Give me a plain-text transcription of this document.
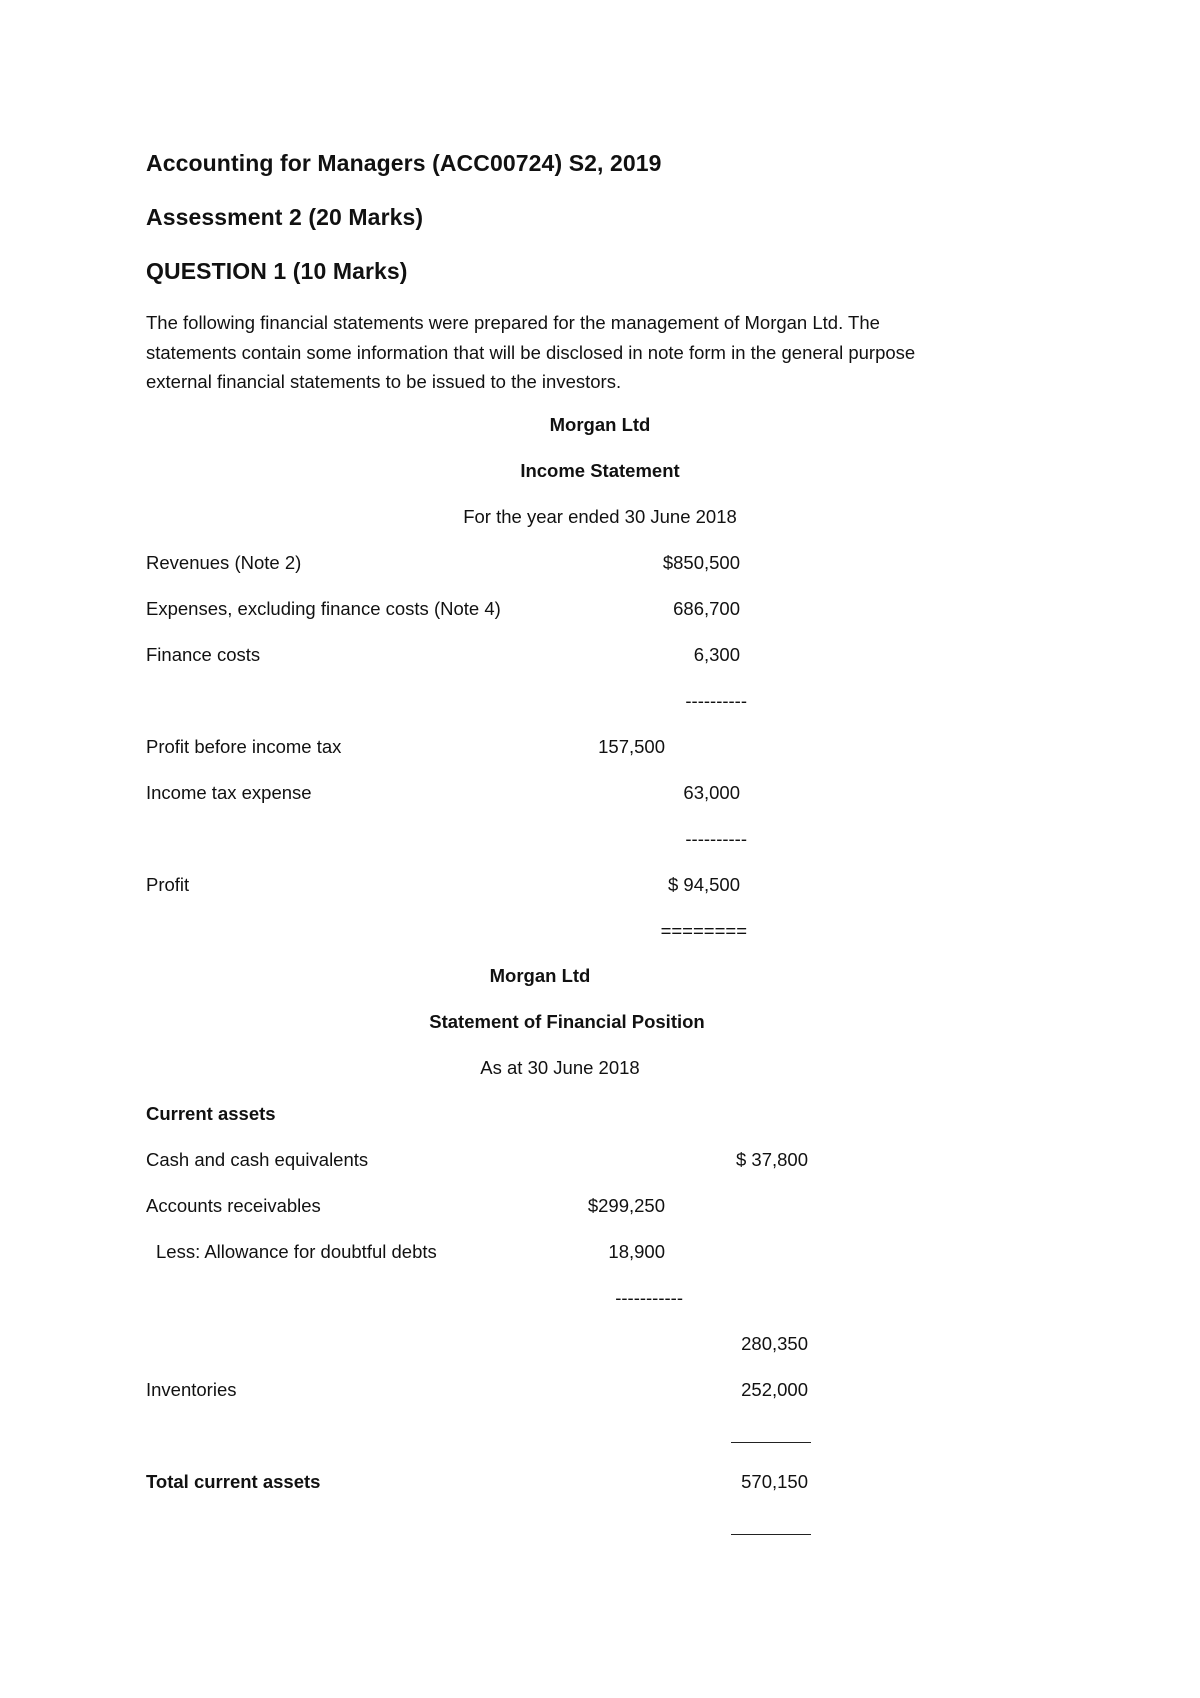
Accounting for Managers (ACC00724) S2, 2019
Assessment 2 (20 Marks)
QUESTION 1 (10 Marks)
The following financial statements were prepared for the management of Morgan Ltd. The
statements contain some information that will be disclosed in note form in the general purpose
external financial statements to be issued to the investors.
Morgan Ltd
Income Statement
For the year ended 30 June 2018
Revenues (Note 2)	$850,500
Expenses, excluding finance costs (Note 4)	686,700
Finance costs	6,300
----------
Profit before income tax	157,500
Income tax expense	63,000
----------
Profit	$ 94,500
========
Morgan Ltd
Statement of Financial Position
As at 30 June 2018
Current assets
Cash and cash equivalents	$ 37,800
Accounts receivables	$299,250
Less: Allowance for doubtful debts	18,900
-----------
280,350
Inventories	252,000
Total current assets	570,150
